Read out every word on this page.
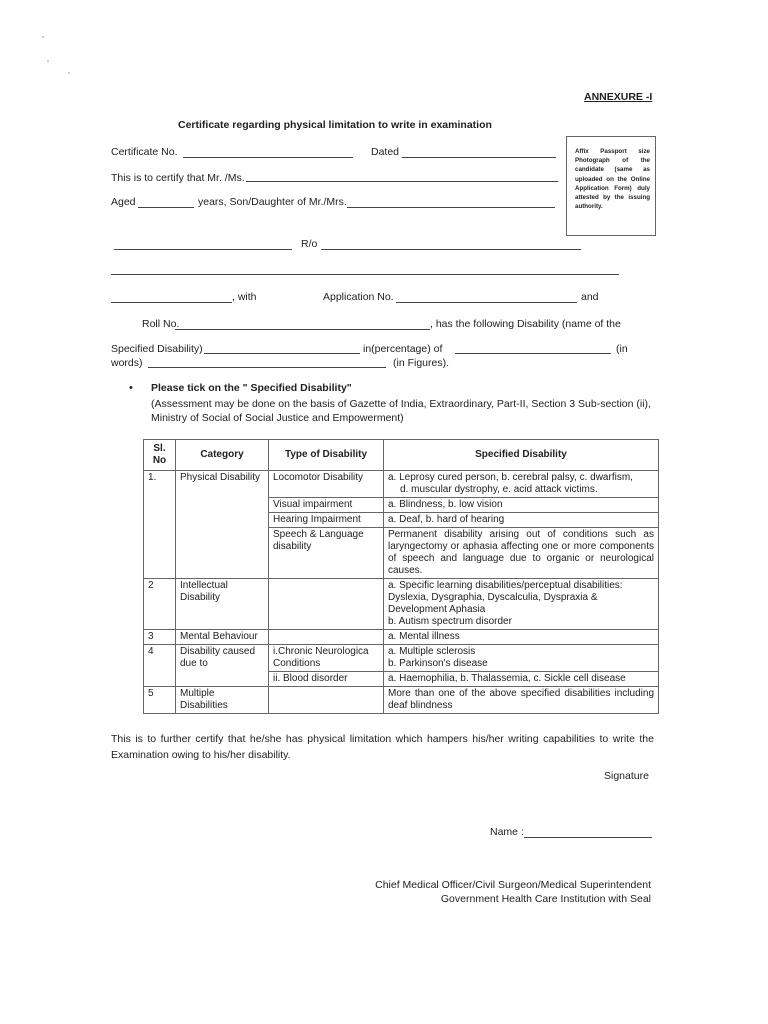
ANNEXURE -I
Certificate regarding physical limitation to write in examination
Affix Passport size Photograph of the candidate (same as uploaded on the Online Application Form) duly attested by the issuing authority.
Certificate No.	Dated
This is to certify that Mr. /Ms.
Aged	years, Son/Daughter of Mr./Mrs.
R/o
, with	Application No.	and
Roll No.	, has the following Disability (name of the
Specified Disability)	in(percentage) of	(in
words)	(in Figures).
• Please tick on the " Specified Disability"
(Assessment may be done on the basis of Gazette of India, Extraordinary, Part-II, Section 3 Sub-section (ii), Ministry of Social of Social Justice and Empowerment)
Sl. No	Category	Type of Disability	Specified Disability
1.	Physical Disability	Locomotor Disability	a. Leprosy cured person, b. cerebral palsy, c. dwarfism,
d. muscular dystrophy, e. acid attack victims.

		Visual impairment	a. Blindness, b. low vision
		Hearing Impairment	a. Deaf, b. hard of hearing
		Speech & Language disability	Permanent disability arising out of conditions such as laryngectomy or aphasia affecting one or more components of speech and language due to organic or neurological causes.
2	Intellectual Disability		a. Specific learning disabilities/perceptual disabilities: Dyslexia, Dysgraphia, Dyscalculia, Dyspraxia & Development Aphasia
b. Autism spectrum disorder

3	Mental Behaviour		a. Mental illness
4	Disability caused due to	i.Chronic Neurologica Conditions	a. Multiple sclerosis
b. Parkinson's disease

		ii. Blood disorder	a. Haemophilia, b. Thalassemia, c. Sickle cell disease
5	Multiple Disabilities		More than one of the above specified disabilities including deaf blindness
This is to further certify that he/she has physical limitation which hampers his/her writing capabilities to write the Examination owing to his/her disability.
Signature
Name :
Chief Medical Officer/Civil Surgeon/Medical Superintendent
Government Health Care Institution with Seal
